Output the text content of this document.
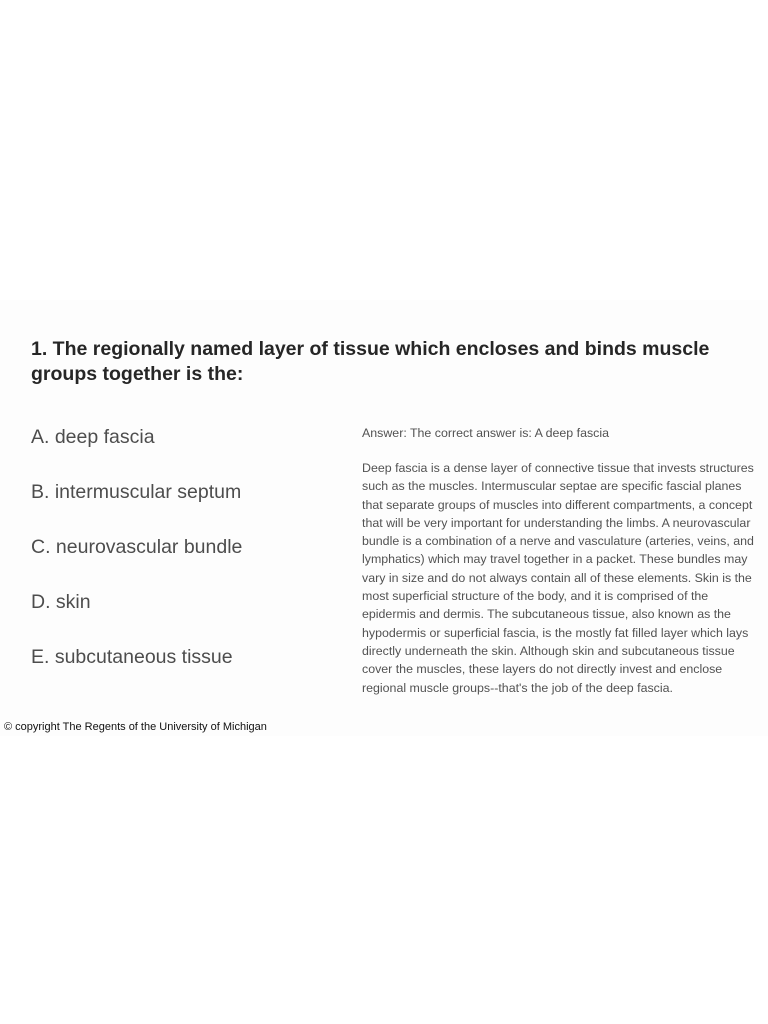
1. The regionally named layer of tissue which encloses and binds muscle groups together is the:
A. deep fascia
B. intermuscular septum
C. neurovascular bundle
D. skin
E. subcutaneous tissue

Answer: The correct answer is: A deep fascia

Deep fascia is a dense layer of connective tissue that invests structures such as the muscles. Intermuscular septae are specific fascial planes that separate groups of muscles into different compartments, a concept that will be very important for understanding the limbs. A neurovascular bundle is a combination of a nerve and vasculature (arteries, veins, and lymphatics) which may travel together in a packet. These bundles may vary in size and do not always contain all of these elements. Skin is the most superficial structure of the body, and it is comprised of the epidermis and dermis. The subcutaneous tissue, also known as the hypodermis or superficial fascia, is the mostly fat filled layer which lays directly underneath the skin. Although skin and subcutaneous tissue cover the muscles, these layers do not directly invest and enclose regional muscle groups--that's the job of the deep fascia.

© copyright The Regents of the University of Michigan
